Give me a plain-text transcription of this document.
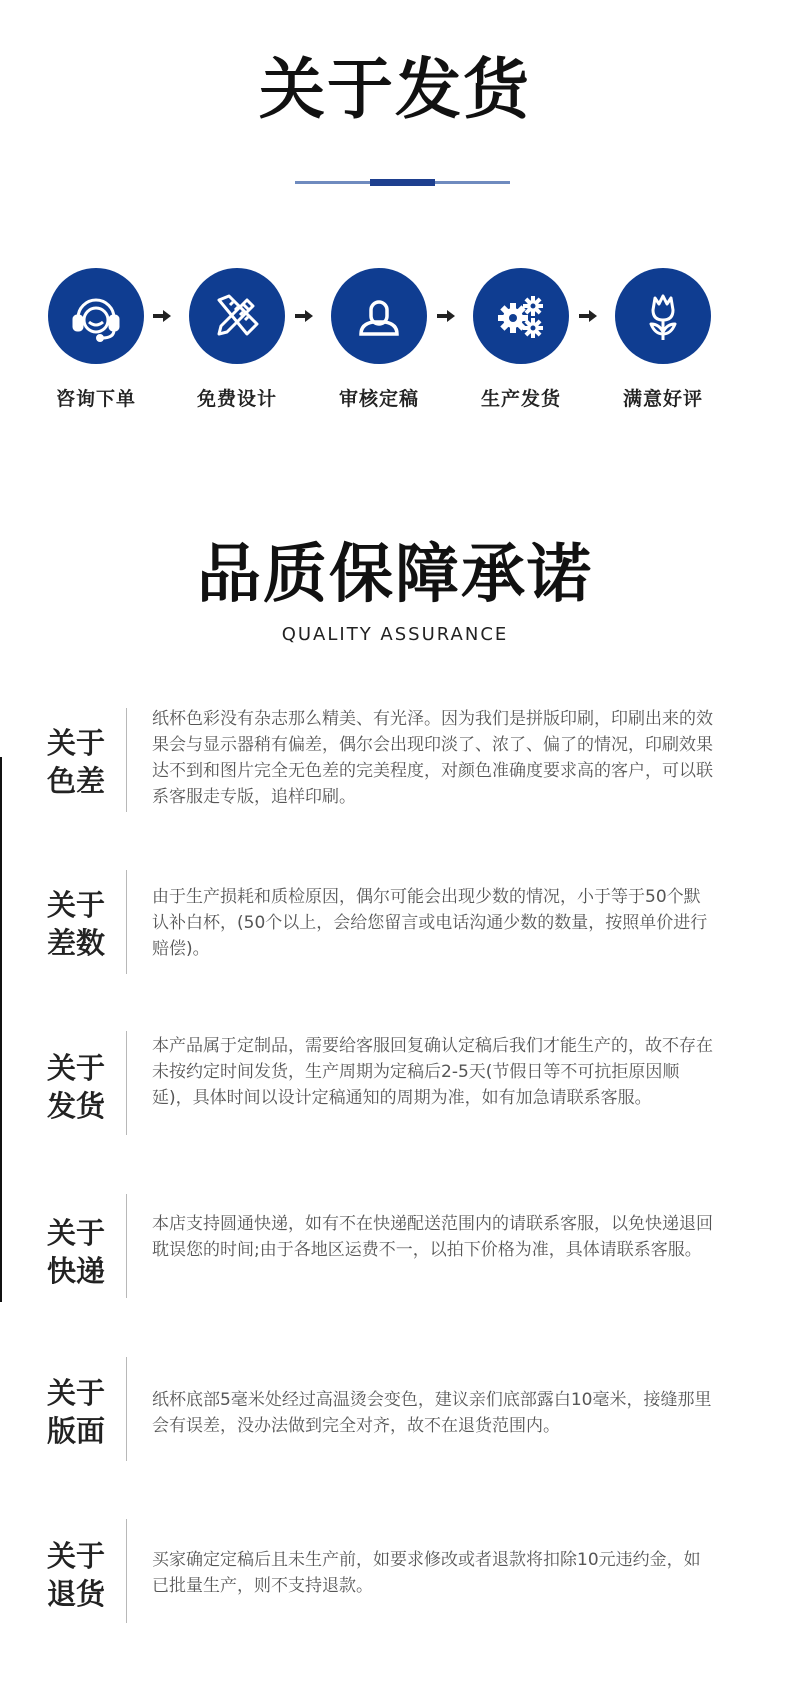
关于发货
咨询下单	免费设计	审核定稿	生产发货	满意好评
品质保障承诺
QUALITY ASSURANCE
关于
色差
纸杯色彩没有杂志那么精美、有光泽。因为我们是拼版印刷，印刷出来的效果会与显示器稍有偏差，偶尔会出现印淡了、浓了、偏了的情况，印刷效果达不到和图片完全无色差的完美程度，对颜色准确度要求高的客户，可以联系客服走专版，追样印刷。
关于
差数
由于生产损耗和质检原因，偶尔可能会出现少数的情况，小于等于50个默认补白杯，(50个以上，会给您留言或电话沟通少数的数量，按照单价进行赔偿)。
关于
发货
本产品属于定制品，需要给客服回复确认定稿后我们才能生产的，故不存在未按约定时间发货，生产周期为定稿后2-5天(节假日等不可抗拒原因顺延)，具体时间以设计定稿通知的周期为准，如有加急请联系客服。
关于
快递
本店支持圆通快递，如有不在快递配送范围内的请联系客服，以免快递退回耽误您的时间;由于各地区运费不一，以拍下价格为准，具体请联系客服。
关于
版面
纸杯底部5毫米处经过高温烫会变色，建议亲们底部露白10毫米，接缝那里会有误差，没办法做到完全对齐，故不在退货范围内。
关于
退货
买家确定定稿后且未生产前，如要求修改或者退款将扣除10元违约金，如已批量生产，则不支持退款。
